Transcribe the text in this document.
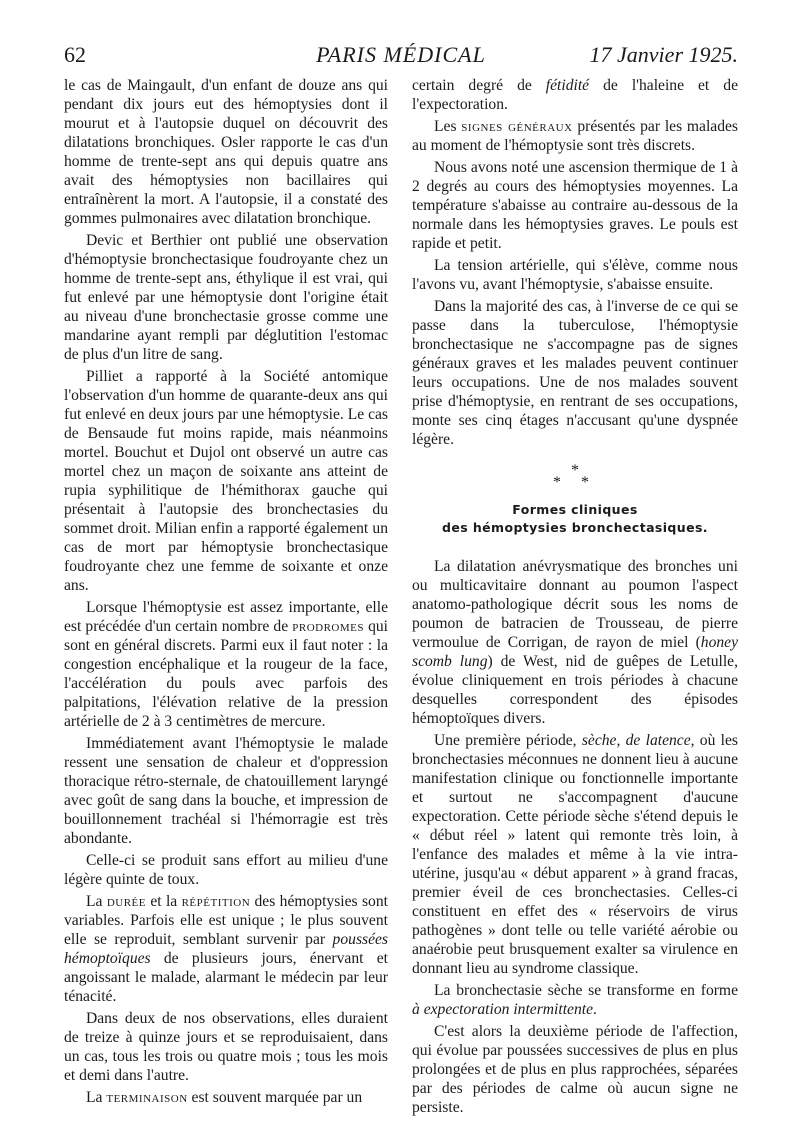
62	PARIS MÉDICAL	17 Janvier 1925.

le cas de Maingault, d'un enfant de douze ans qui pendant dix jours eut des hémoptysies dont il mourut et à l'autopsie duquel on découvrit des dilatations bronchiques. Osler rapporte le cas d'un homme de trente-sept ans qui depuis quatre ans avait des hémoptysies non bacillaires qui entraînèrent la mort. A l'autopsie, il a constaté des gommes pulmonaires avec dilatation bronchique.

Devic et Berthier ont publié une observation d'hémoptysie bronchectasique foudroyante chez un homme de trente-sept ans, éthylique il est vrai, qui fut enlevé par une hémoptysie dont l'origine était au niveau d'une bronchectasie grosse comme une mandarine ayant rempli par déglutition l'estomac de plus d'un litre de sang.

Pilliet a rapporté à la Société antomique l'observation d'un homme de quarante-deux ans qui fut enlevé en deux jours par une hémoptysie. Le cas de Bensaude fut moins rapide, mais néanmoins mortel. Bouchut et Dujol ont observé un autre cas mortel chez un maçon de soixante ans atteint de rupia syphilitique de l'hémithorax gauche qui présentait à l'autopsie des bronchectasies du sommet droit. Milian enfin a rapporté également un cas de mort par hémoptysie bronchectasique foudroyante chez une femme de soixante et onze ans.

Lorsque l'hémoptysie est assez importante, elle est précédée d'un certain nombre de prodromes qui sont en général discrets. Parmi eux il faut noter : la congestion encéphalique et la rougeur de la face, l'accélération du pouls avec parfois des palpitations, l'élévation relative de la pression artérielle de 2 à 3 centimètres de mercure.

Immédiatement avant l'hémoptysie le malade ressent une sensation de chaleur et d'oppression thoracique rétro-sternale, de chatouillement laryngé avec goût de sang dans la bouche, et impression de bouillonnement trachéal si l'hémorragie est très abondante.

Celle-ci se produit sans effort au milieu d'une légère quinte de toux.

La durée et la répétition des hémoptysies sont variables. Parfois elle est unique ; le plus souvent elle se reproduit, semblant survenir par poussées hémoptoïques de plusieurs jours, énervant et angoissant le malade, alarmant le médecin par leur ténacité.

Dans deux de nos observations, elles duraient de treize à quinze jours et se reproduisaient, dans un cas, tous les trois ou quatre mois ; tous les mois et demi dans l'autre.

La terminaison est souvent marquée par un

certain degré de fétidité de l'haleine et de l'expectoration.

Les signes généraux présentés par les malades au moment de l'hémoptysie sont très discrets.

Nous avons noté une ascension thermique de 1 à 2 degrés au cours des hémoptysies moyennes. La température s'abaisse au contraire au-dessous de la normale dans les hémoptysies graves. Le pouls est rapide et petit.

La tension artérielle, qui s'élève, comme nous l'avons vu, avant l'hémoptysie, s'abaisse ensuite.

Dans la majorité des cas, à l'inverse de ce qui se passe dans la tuberculose, l'hémoptysie bronchectasique ne s'accompagne pas de signes généraux graves et les malades peuvent continuer leurs occupations. Une de nos malades souvent prise d'hémoptysie, en rentrant de ses occupations, monte ses cinq étages n'accusant qu'une dyspnée légère.

*
* *
Formes cliniques
des hémoptysies bronchectasiques.

La dilatation anévrysmatique des bronches uni ou multicavitaire donnant au poumon l'aspect anatomo-pathologique décrit sous les noms de poumon de batracien de Trousseau, de pierre vermoulue de Corrigan, de rayon de miel (honey scomb lung) de West, nid de guêpes de Letulle, évolue cliniquement en trois périodes à chacune desquelles correspondent des épisodes hémoptoïques divers.

Une première période, sèche, de latence, où les bronchectasies méconnues ne donnent lieu à aucune manifestation clinique ou fonctionnelle importante et surtout ne s'accompagnent d'aucune expectoration. Cette période sèche s'étend depuis le « début réel » latent qui remonte très loin, à l'enfance des malades et même à la vie intra-utérine, jusqu'au « début apparent » à grand fracas, premier éveil de ces bronchectasies. Celles-ci constituent en effet des « réservoirs de virus pathogènes » dont telle ou telle variété aérobie ou anaérobie peut brusquement exalter sa virulence en donnant lieu au syndrome classique.

La bronchectasie sèche se transforme en forme à expectoration intermittente.

C'est alors la deuxième période de l'affection, qui évolue par poussées successives de plus en plus prolongées et de plus en plus rapprochées, séparées par des périodes de calme où aucun signe ne persiste.
